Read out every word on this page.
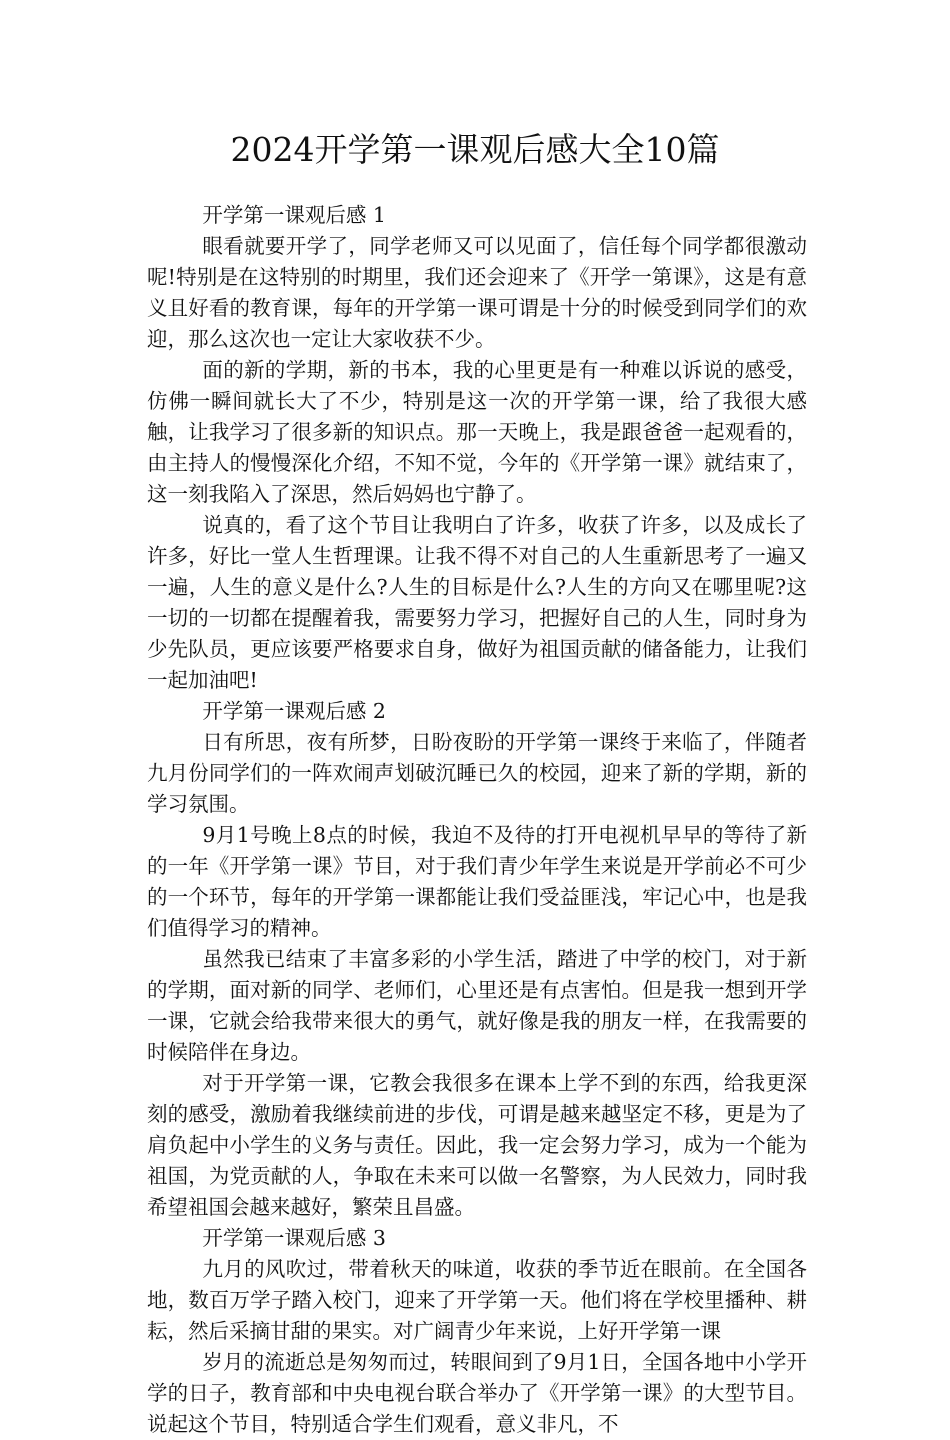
2024开学第一课观后感大全10篇
开学第一课观后感 1

眼看就要开学了，同学老师又可以见面了，信任每个同学都很激动呢!特别是在这特别的时期里，我们还会迎来了《开学一第课》，这是有意义且好看的教育课，每年的开学第一课可谓是十分的时候受到同学们的欢迎，那么这次也一定让大家收获不少。

面的新的学期，新的书本，我的心里更是有一种难以诉说的感受，仿佛一瞬间就长大了不少，特别是这一次的开学第一课，给了我很大感触，让我学习了很多新的知识点。那一天晚上，我是跟爸爸一起观看的，由主持人的慢慢深化介绍，不知不觉，今年的《开学第一课》就结束了，这一刻我陷入了深思，然后妈妈也宁静了。

说真的，看了这个节目让我明白了许多，收获了许多，以及成长了许多，好比一堂人生哲理课。让我不得不对自己的人生重新思考了一遍又一遍，人生的意义是什么?人生的目标是什么?人生的方向又在哪里呢?这一切的一切都在提醒着我，需要努力学习，把握好自己的人生，同时身为少先队员，更应该要严格要求自身，做好为祖国贡献的储备能力，让我们一起加油吧!

开学第一课观后感 2

日有所思，夜有所梦，日盼夜盼的开学第一课终于来临了，伴随者九月份同学们的一阵欢闹声划破沉睡已久的校园，迎来了新的学期，新的学习氛围。

9月1号晚上8点的时候，我迫不及待的打开电视机早早的等待了新的一年《开学第一课》节目，对于我们青少年学生来说是开学前必不可少的一个环节，每年的开学第一课都能让我们受益匪浅，牢记心中，也是我们值得学习的精神。

虽然我已结束了丰富多彩的小学生活，踏进了中学的校门，对于新的学期，面对新的同学、老师们，心里还是有点害怕。但是我一想到开学一课，它就会给我带来很大的勇气，就好像是我的朋友一样，在我需要的时候陪伴在身边。

对于开学第一课，它教会我很多在课本上学不到的东西，给我更深刻的感受，激励着我继续前进的步伐，可谓是越来越坚定不移，更是为了肩负起中小学生的义务与责任。因此，我一定会努力学习，成为一个能为祖国，为党贡献的人，争取在未来可以做一名警察，为人民效力，同时我希望祖国会越来越好，繁荣且昌盛。

开学第一课观后感 3

九月的风吹过，带着秋天的味道，收获的季节近在眼前。在全国各地，数百万学子踏入校门，迎来了开学第一天。他们将在学校里播种、耕耘，然后采摘甘甜的果实。对广阔青少年来说，上好开学第一课

岁月的流逝总是匆匆而过，转眼间到了9月1日，全国各地中小学开学的日子，教育部和中央电视台联合举办了《开学第一课》的大型节目。说起这个节目，特别适合学生们观看，意义非凡，不
